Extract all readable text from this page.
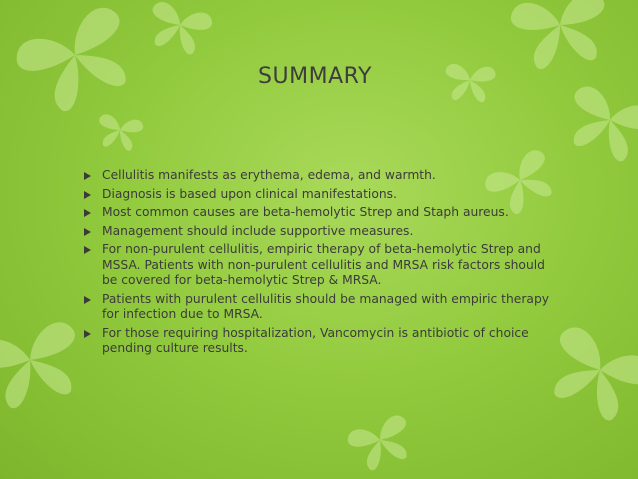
SUMMARY
Cellulitis manifests as erythema, edema, and warmth.
Diagnosis is based upon clinical manifestations.
Most common causes are beta-hemolytic Strep and Staph aureus.
Management should include supportive measures.
For non-purulent cellulitis, empiric therapy of beta-hemolytic Strep and MSSA. Patients with non-purulent cellulitis and MRSA risk factors should be covered for beta-hemolytic Strep & MRSA.
Patients with purulent cellulitis should be managed with empiric therapy for infection due to MRSA.
For those requiring hospitalization, Vancomycin is antibiotic of choice pending culture results.
